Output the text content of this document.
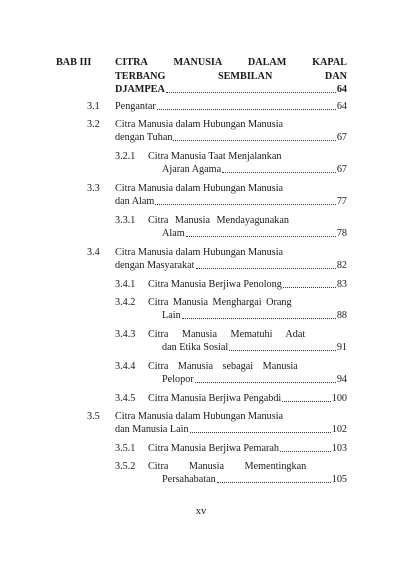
BAB III CITRA	MANUSIA	DALAM	KAPAL
TERBANG	SEMBILAN	DAN
DJAMPEA	64
3.1 Pengantar	64
3.2 Citra Manusia dalam Hubungan Manusia
dengan Tuhan	67
3.2.1 Citra Manusia Taat Menjalankan
Ajaran Agama	67
3.3 Citra Manusia dalam Hubungan Manusia
dan Alam	77
3.3.1 Citra Manusia Mendayagunakan
Alam	78
3.4 Citra Manusia dalam Hubungan Manusia
dengan Masyarakat	82
3.4.1 Citra Manusia Berjiwa Penolong	83
3.4.2 Citra Manusia Menghargai Orang
Lain	88
3.4.3 Citra Manusia Mematuhi Adat
dan Etika Sosial	91
3.4.4 Citra Manusia sebagai Manusia
Pelopor	94
3.4.5 Citra Manusia Berjiwa Pengabdi	100
3.5 Citra Manusia dalam Hubungan Manusia
dan Manusia Lain	102
3.5.1 Citra Manusia Berjiwa Pemarah	103
3.5.2 Citra Manusia Mementingkan
Persahabatan	105
xv
